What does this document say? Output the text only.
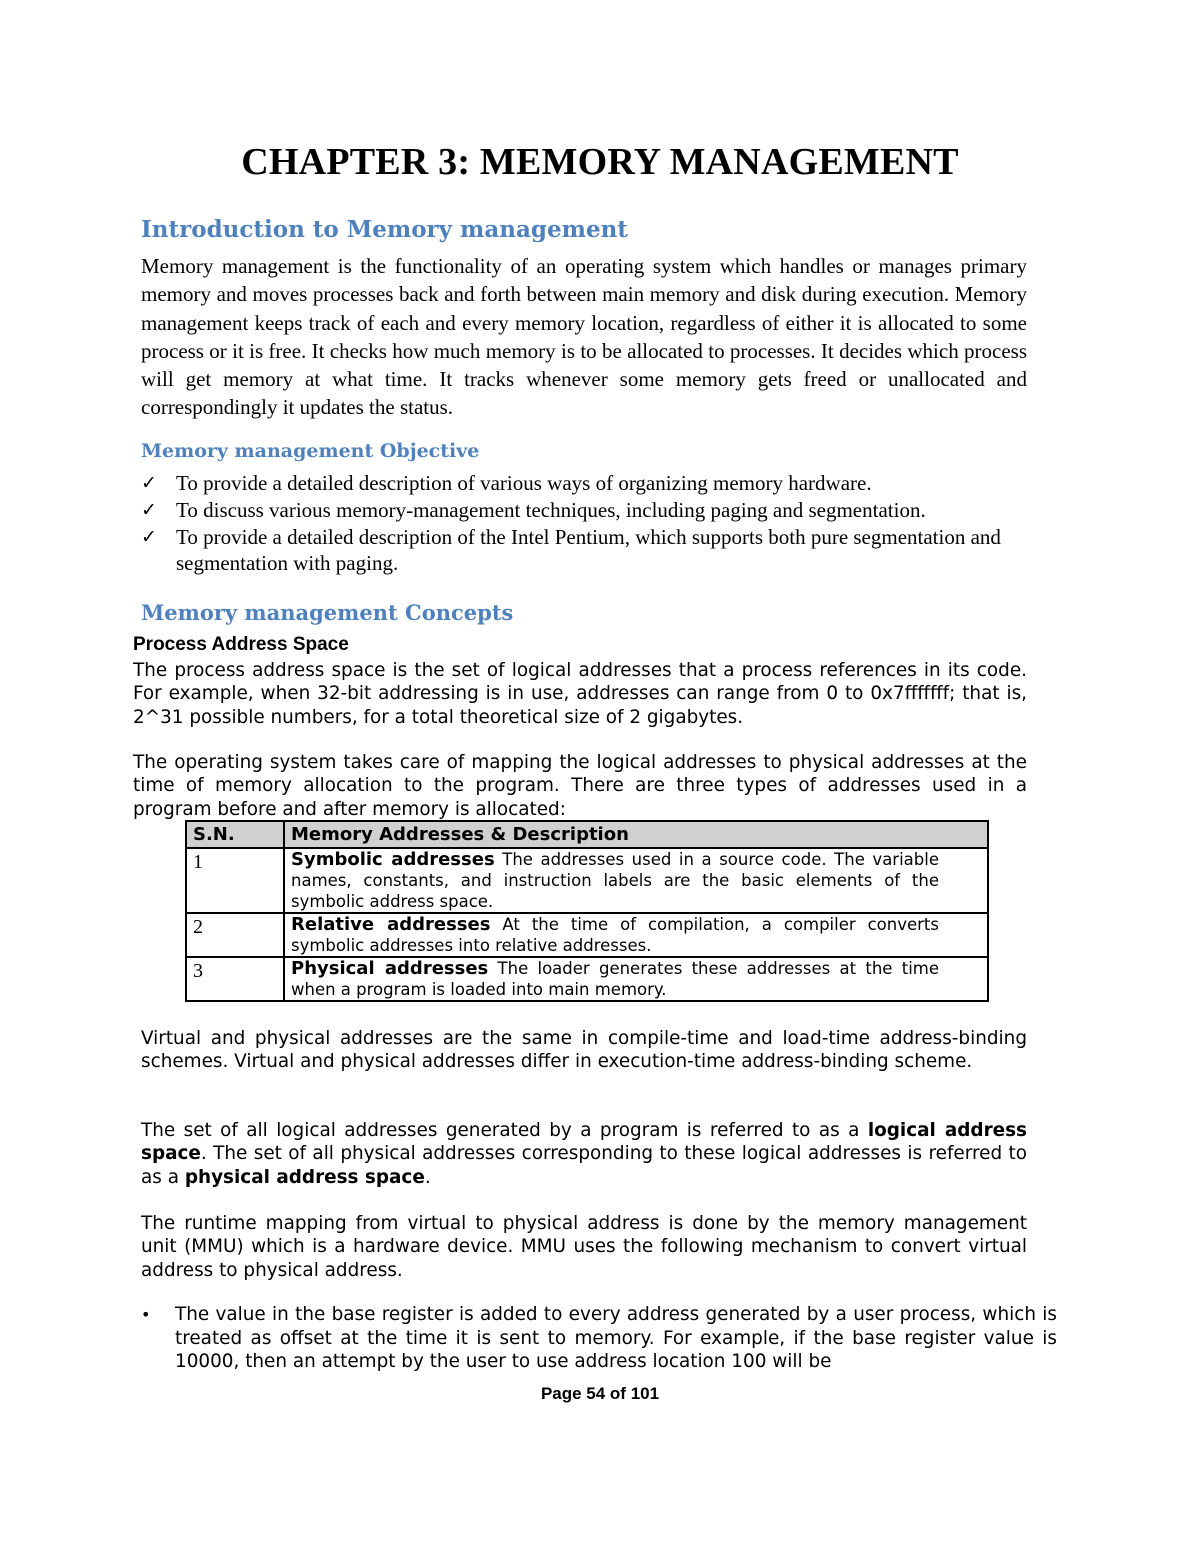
CHAPTER 3: MEMORY MANAGEMENT
Introduction to Memory management
Memory management is the functionality of an operating system which handles or manages primary memory and moves processes back and forth between main memory and disk during execution. Memory management keeps track of each and every memory location, regardless of either it is allocated to some process or it is free. It checks how much memory is to be allocated to processes. It decides which process will get memory at what time. It tracks whenever some memory gets freed or unallocated and correspondingly it updates the status.
Memory management Objective
✓ To provide a detailed description of various ways of organizing memory hardware.
✓ To discuss various memory-management techniques, including paging and segmentation.
✓ To provide a detailed description of the Intel Pentium, which supports both pure segmentation and segmentation with paging.
Memory management Concepts
Process Address Space
The process address space is the set of logical addresses that a process references in its code. For example, when 32-bit addressing is in use, addresses can range from 0 to 0x7fffffff; that is, 2^31 possible numbers, for a total theoretical size of 2 gigabytes.
The operating system takes care of mapping the logical addresses to physical addresses at the time of memory allocation to the program. There are three types of addresses used in a program before and after memory is allocated:
S.N.	Memory Addresses & Description
1	Symbolic addresses The addresses used in a source code. The variable names, constants, and instruction labels are the basic elements of the symbolic address space.
2	Relative addresses At the time of compilation, a compiler converts symbolic addresses into relative addresses.
3	Physical addresses The loader generates these addresses at the time when a program is loaded into main memory.
Virtual and physical addresses are the same in compile-time and load-time address-binding schemes. Virtual and physical addresses differ in execution-time address-binding scheme.
The set of all logical addresses generated by a program is referred to as a logical address space. The set of all physical addresses corresponding to these logical addresses is referred to as a physical address space.
The runtime mapping from virtual to physical address is done by the memory management unit (MMU) which is a hardware device. MMU uses the following mechanism to convert virtual address to physical address.
• The value in the base register is added to every address generated by a user process, which is treated as offset at the time it is sent to memory. For example, if the base register value is 10000, then an attempt by the user to use address location 100 will be
Page 54 of 101
